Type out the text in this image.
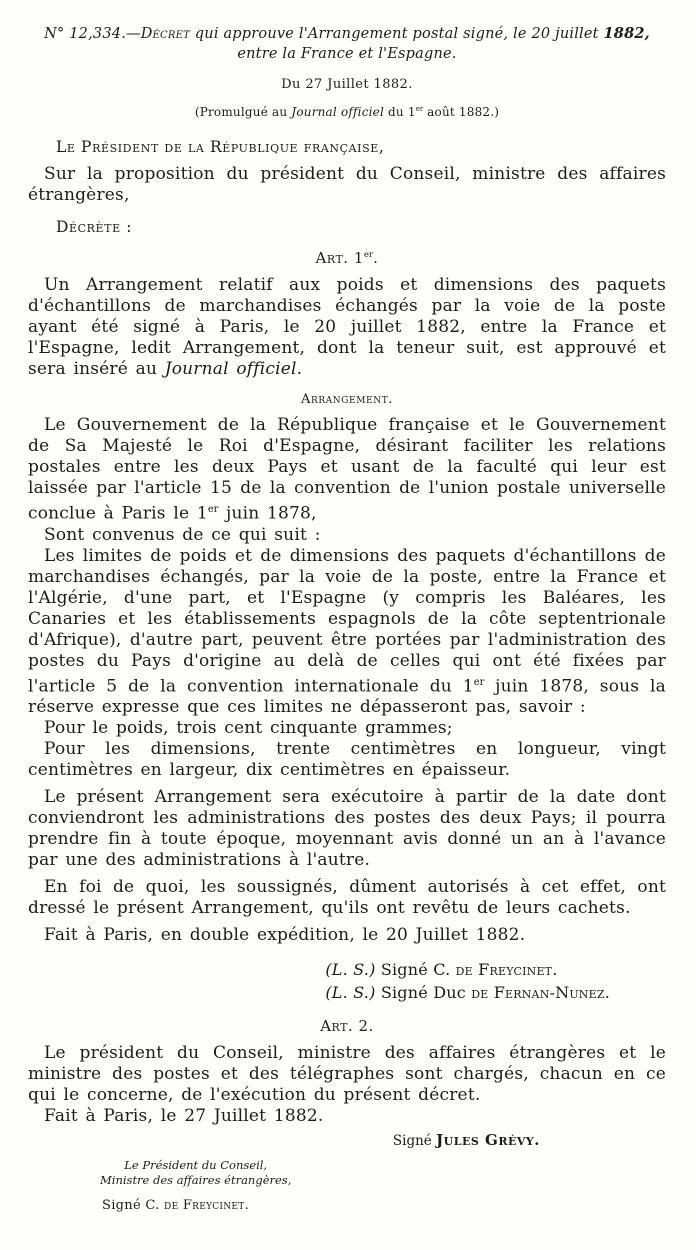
N° 12,334.—Décret qui approuve l'Arrangement postal signé, le 20 juillet 1882,
entre la France et l'Espagne.
Du 27 Juillet 1882.
(Promulgué au Journal officiel du 1er août 1882.)
Le Président de la République française,

Sur la proposition du président du Conseil, ministre des affaires étrangères,

Décrète :
Art. 1er.

Un Arrangement relatif aux poids et dimensions des paquets d'échantillons de marchandises échangés par la voie de la poste ayant été signé à Paris, le 20 juillet 1882, entre la France et l'Espagne, ledit Arrangement, dont la teneur suit, est approuvé et sera inséré au Journal officiel.

Arrangement.

Le Gouvernement de la République française et le Gouvernement de Sa Majesté le Roi d'Espagne, désirant faciliter les relations postales entre les deux Pays et usant de la faculté qui leur est laissée par l'article 15 de la convention de l'union postale universelle conclue à Paris le 1er juin 1878,

Sont convenus de ce qui suit :

Les limites de poids et de dimensions des paquets d'échantillons de marchandises échangés, par la voie de la poste, entre la France et l'Algérie, d'une part, et l'Espagne (y compris les Baléares, les Canaries et les établissements espagnols de la côte septentrionale d'Afrique), d'autre part, peuvent être portées par l'administration des postes du Pays d'origine au delà de celles qui ont été fixées par l'article 5 de la convention internationale du 1er juin 1878, sous la réserve expresse que ces limites ne dépasseront pas, savoir :

Pour le poids, trois cent cinquante grammes;

Pour les dimensions, trente centimètres en longueur, vingt centimètres en largeur, dix centimètres en épaisseur.

Le présent Arrangement sera exécutoire à partir de la date dont conviendront les administrations des postes des deux Pays; il pourra prendre fin à toute époque, moyennant avis donné un an à l'avance par une des administrations à l'autre.

En foi de quoi, les soussignés, dûment autorisés à cet effet, ont dressé le présent Arrangement, qu'ils ont revêtu de leurs cachets.

Fait à Paris, en double expédition, le 20 Juillet 1882.

(L. S.) Signé C. de Freycinet.
(L. S.) Signé Duc de Fernan-Nunez.
Art. 2.

Le président du Conseil, ministre des affaires étrangères et le ministre des postes et des télégraphes sont chargés, chacun en ce qui le concerne, de l'exécution du présent décret.

Fait à Paris, le 27 Juillet 1882.

Signé Jules Grévy.
Le Président du Conseil,
Ministre des affaires étrangères,
Signé C. de Freycinet.
